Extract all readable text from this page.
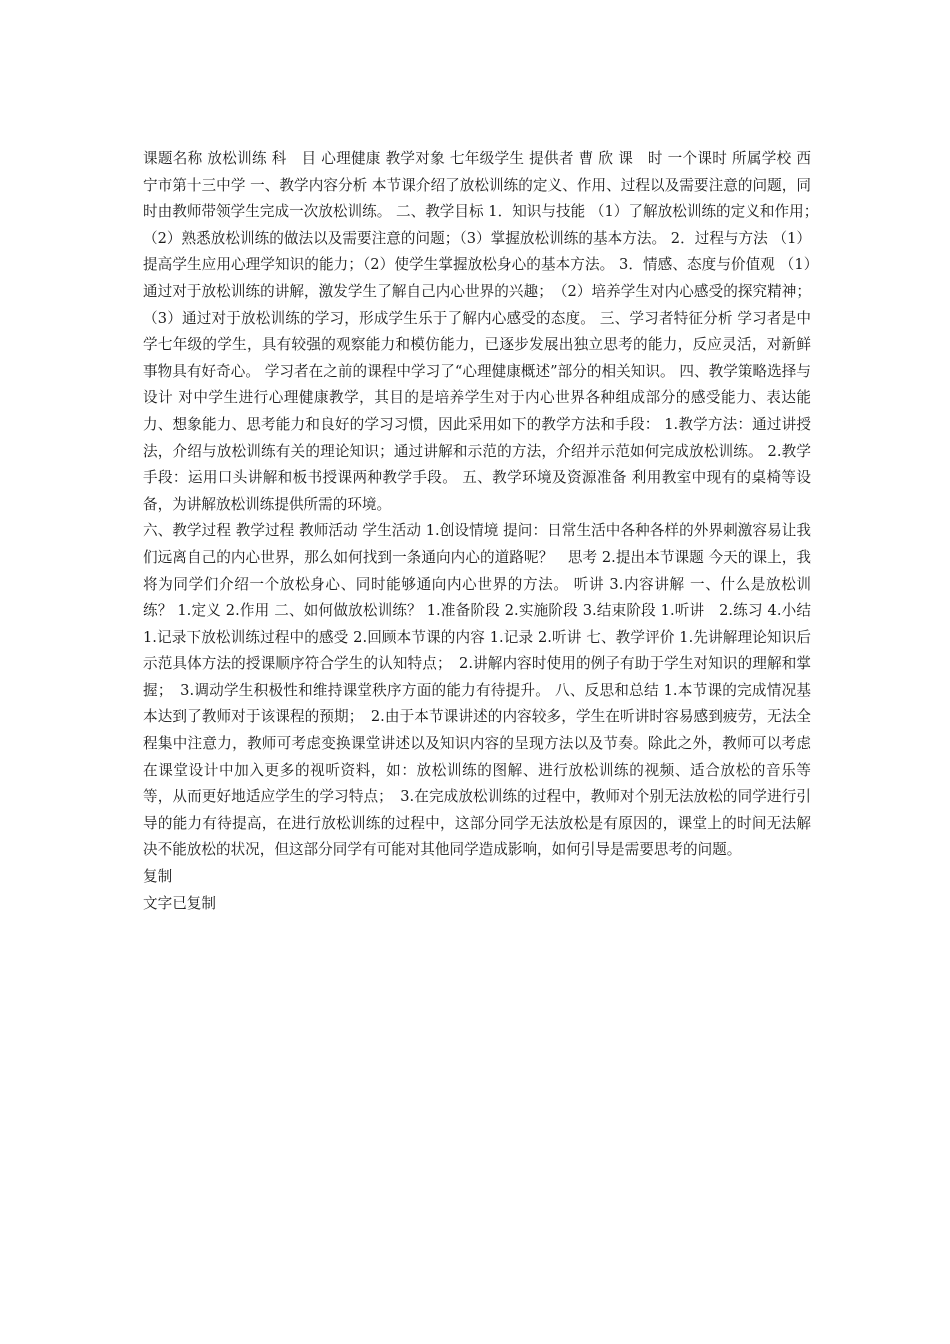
课题名称 放松训练 科　目 心理健康 教学对象 七年级学生 提供者 曹 欣 课　时 一个课时 所属学校 西宁市第十三中学 一、教学内容分析 本节课介绍了放松训练的定义、作用、过程以及需要注意的问题，同时由教师带领学生完成一次放松训练。 二、教学目标 1．知识与技能 （1）了解放松训练的定义和作用；　（2）熟悉放松训练的做法以及需要注意的问题；（3）掌握放松训练的基本方法。 2．过程与方法 （1）提高学生应用心理学知识的能力；（2）使学生掌握放松身心的基本方法。 3．情感、态度与价值观 （1）通过对于放松训练的讲解，激发学生了解自己内心世界的兴趣；　（2）培养学生对内心感受的探究精神；（3）通过对于放松训练的学习，形成学生乐于了解内心感受的态度。 三、学习者特征分析 学习者是中学七年级的学生，具有较强的观察能力和模仿能力，已逐步发展出独立思考的能力，反应灵活，对新鲜事物具有好奇心。 学习者在之前的课程中学习了“心理健康概述”部分的相关知识。 四、教学策略选择与设计 对中学生进行心理健康教学，其目的是培养学生对于内心世界各种组成部分的感受能力、表达能力、想象能力、思考能力和良好的学习习惯，因此采用如下的教学方法和手段： 1.教学方法：通过讲授法，介绍与放松训练有关的理论知识；通过讲解和示范的方法，介绍并示范如何完成放松训练。 2.教学手段：运用口头讲解和板书授课两种教学手段。 五、教学环境及资源准备 利用教室中现有的桌椅等设备，为讲解放松训练提供所需的环境。

六、教学过程 教学过程 教师活动 学生活动 1.创设情境 提问：日常生活中各种各样的外界刺激容易让我们远离自己的内心世界，那么如何找到一条通向内心的道路呢？　思考 2.提出本节课题 今天的课上，我将为同学们介绍一个放松身心、同时能够通向内心世界的方法。 听讲 3.内容讲解 一、什么是放松训练？ 1.定义 2.作用 二、如何做放松训练？ 1.准备阶段 2.实施阶段 3.结束阶段 1.听讲　2.练习 4.小结 1.记录下放松训练过程中的感受 2.回顾本节课的内容 1.记录 2.听讲 七、教学评价 1.先讲解理论知识后示范具体方法的授课顺序符合学生的认知特点；　2.讲解内容时使用的例子有助于学生对知识的理解和掌握；　3.调动学生积极性和维持课堂秩序方面的能力有待提升。 八、反思和总结 1.本节课的完成情况基本达到了教师对于该课程的预期；　2.由于本节课讲述的内容较多，学生在听讲时容易感到疲劳，无法全程集中注意力，教师可考虑变换课堂讲述以及知识内容的呈现方法以及节奏。除此之外，教师可以考虑在课堂设计中加入更多的视听资料，如：放松训练的图解、进行放松训练的视频、适合放松的音乐等等，从而更好地适应学生的学习特点；　3.在完成放松训练的过程中，教师对个别无法放松的同学进行引导的能力有待提高，在进行放松训练的过程中，这部分同学无法放松是有原因的，课堂上的时间无法解决不能放松的状况，但这部分同学有可能对其他同学造成影响，如何引导是需要思考的问题。

复制

文字已复制
